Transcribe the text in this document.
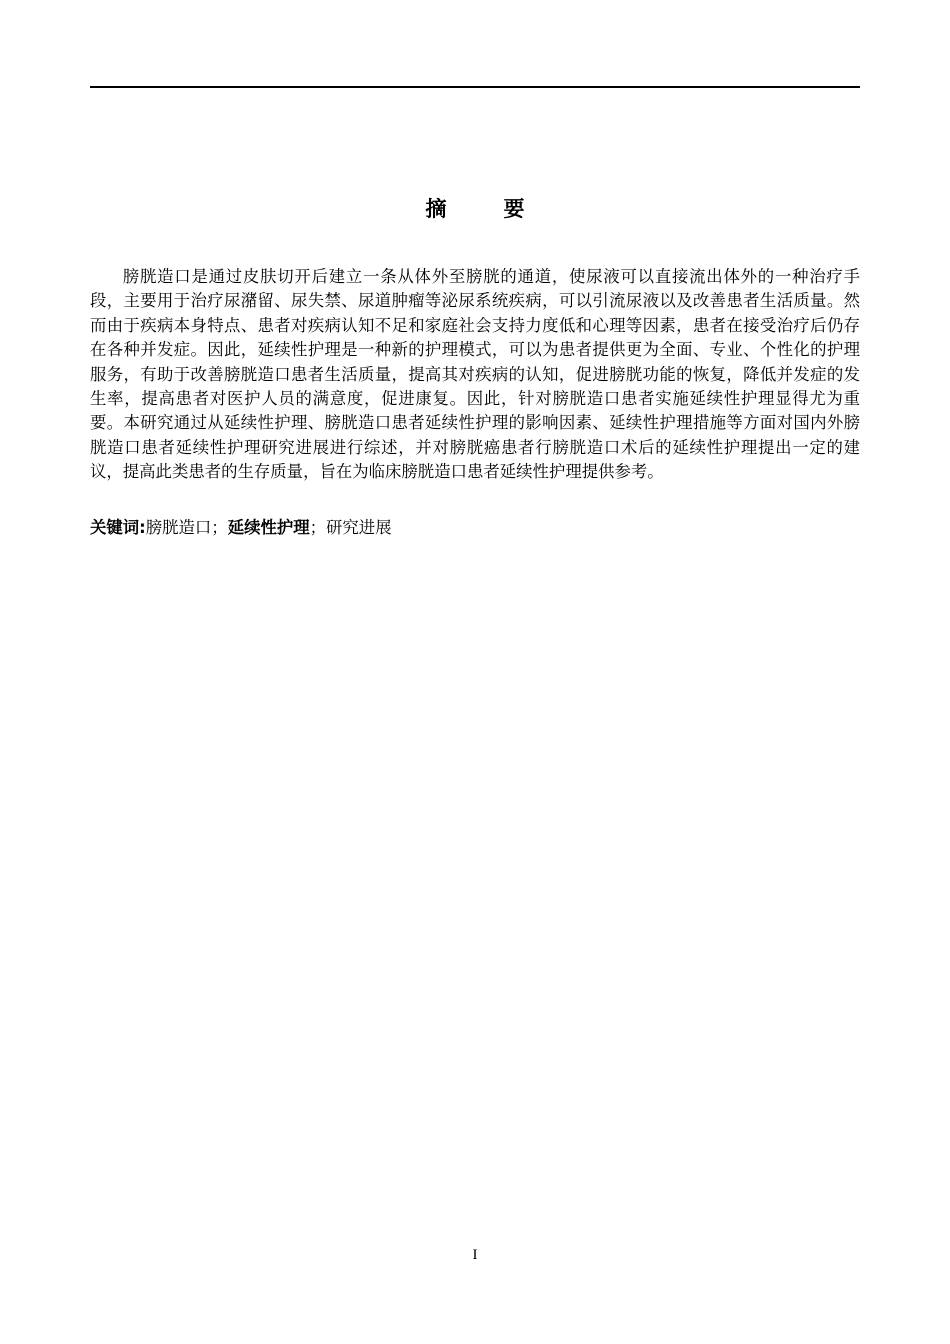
摘　要

膀胱造口是通过皮肤切开后建立一条从体外至膀胱的通道，使尿液可以直接流出体外的一种治疗手段，主要用于治疗尿潴留、尿失禁、尿道肿瘤等泌尿系统疾病，可以引流尿液以及改善患者生活质量。然而由于疾病本身特点、患者对疾病认知不足和家庭社会支持力度低和心理等因素，患者在接受治疗后仍存在各种并发症。因此，延续性护理是一种新的护理模式，可以为患者提供更为全面、专业、个性化的护理服务，有助于改善膀胱造口患者生活质量，提高其对疾病的认知，促进膀胱功能的恢复，降低并发症的发生率，提高患者对医护人员的满意度，促进康复。因此，针对膀胱造口患者实施延续性护理显得尤为重要。本研究通过从延续性护理、膀胱造口患者延续性护理的影响因素、延续性护理措施等方面对国内外膀胱造口患者延续性护理研究进展进行综述，并对膀胱癌患者行膀胱造口术后的延续性护理提出一定的建议，提高此类患者的生存质量，旨在为临床膀胱造口患者延续性护理提供参考。

关键词:膀胱造口；延续性护理；研究进展
I
